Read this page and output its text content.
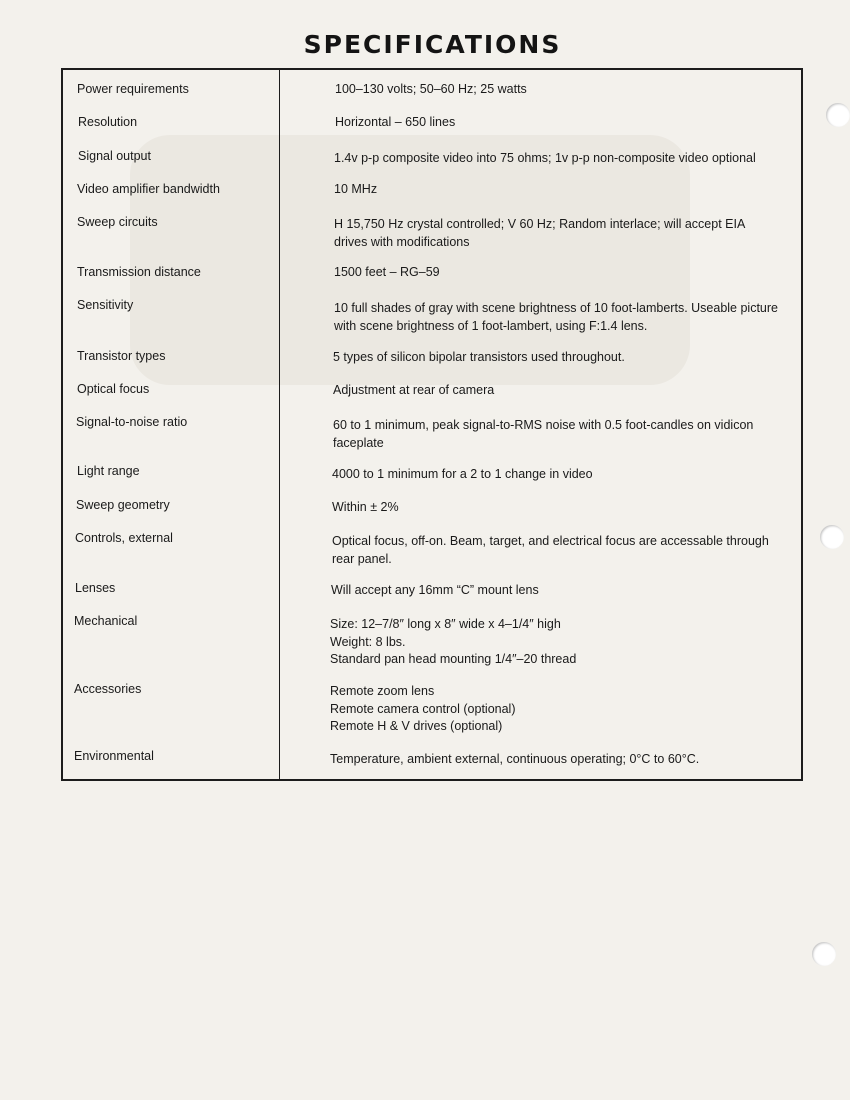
SPECIFICATIONS
Power requirements	100–130 volts; 50–60 Hz; 25 watts
Resolution	Horizontal – 650 lines
Signal output	1.4v p-p composite video into 75 ohms; 1v p-p non-composite video optional
Video amplifier bandwidth	10 MHz
Sweep circuits	H 15,750 Hz crystal controlled; V 60 Hz; Random interlace; will accept EIA
drives with modifications
Transmission distance	1500 feet – RG–59
Sensitivity	10 full shades of gray with scene brightness of 10 foot-lamberts. Useable picture
with scene brightness of 1 foot-lambert, using F:1.4 lens.
Transistor types	5 types of silicon bipolar transistors used throughout.
Optical focus	Adjustment at rear of camera
Signal-to-noise ratio	60 to 1 minimum, peak signal-to-RMS noise with 0.5 foot-candles on vidicon
faceplate
Light range	4000 to 1 minimum for a 2 to 1 change in video
Sweep geometry	Within ± 2%
Controls, external	Optical focus, off-on. Beam, target, and electrical focus are accessable through
rear panel.
Lenses	Will accept any 16mm “C” mount lens
Mechanical	Size: 12–7/8″ long x 8″ wide x 4–1/4″ high
Weight: 8 lbs.
Standard pan head mounting 1/4″–20 thread
Accessories	Remote zoom lens
Remote camera control (optional)
Remote H & V drives (optional)
Environmental	Temperature, ambient external, continuous operating; 0°C to 60°C.
